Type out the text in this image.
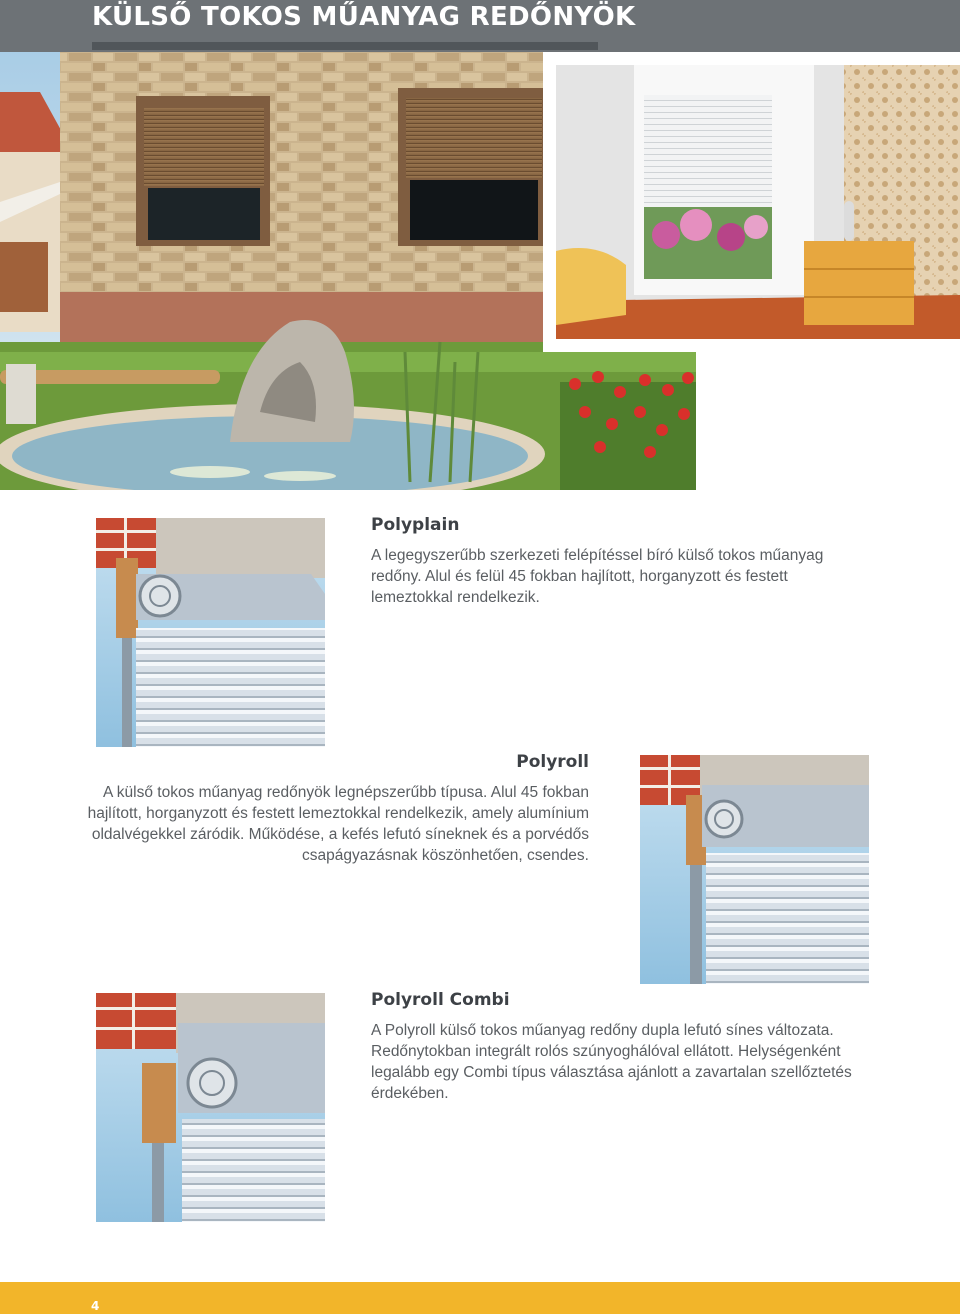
KÜLSŐ TOKOS MŰANYAG REDŐNYÖK
Polyplain

A legegyszerűbb szerkezeti felépítéssel bíró külső tokos műanyag redőny. Alul és felül 45 fokban hajlított, horganyzott és festett lemeztokkal rendelkezik.

Polyroll

A külső tokos műanyag redőnyök legnépszerűbb típusa. Alul 45 fokban hajlított, horganyzott és festett lemeztokkal rendelkezik, amely alumínium oldalvégekkel záródik. Működése, a kefés lefutó síneknek és a porvédős csapágyazásnak köszönhetően, csendes.

Polyroll Combi

A Polyroll külső tokos műanyag redőny dupla lefutó sínes változata. Redőnytokban integrált rolós szúnyoghálóval ellátott. Helységenként legalább egy Combi típus választása ajánlott a zavartalan szellőztetés érdekében.

4
